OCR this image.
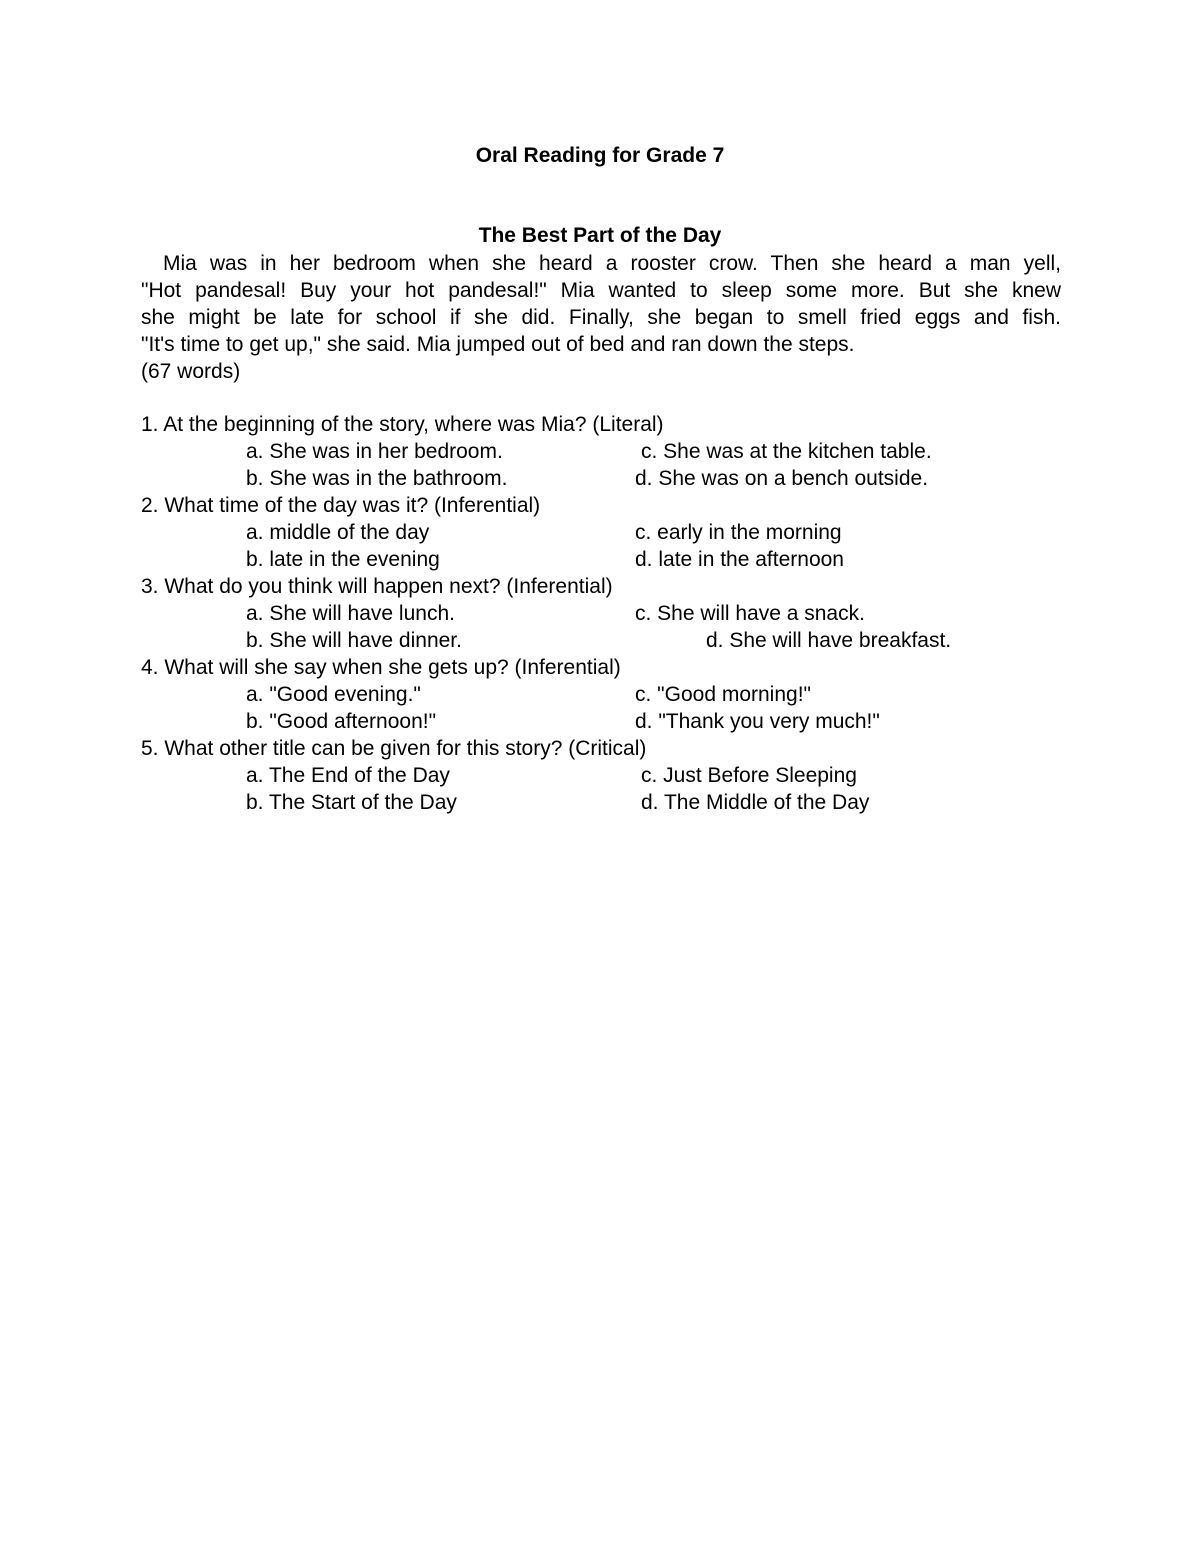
Oral Reading for Grade 7
The Best Part of the Day
Mia was in her bedroom when she heard a rooster crow. Then she heard a man yell,
"Hot pandesal! Buy your hot pandesal!" Mia wanted to sleep some more. But she knew
she might be late for school if she did. Finally, she began to smell fried eggs and fish.
"It's time to get up," she said. Mia jumped out of bed and ran down the steps.
(67 words)
1. At the beginning of the story, where was Mia? (Literal)
a. She was in her bedroom.	c. She was at the kitchen table.
b. She was in the bathroom.	d. She was on a bench outside.
2. What time of the day was it? (Inferential)
a. middle of the day	c. early in the morning
b. late in the evening	d. late in the afternoon
3. What do you think will happen next? (Inferential)
a. She will have lunch.	c. She will have a snack.
b. She will have dinner.	d. She will have breakfast.
4. What will she say when she gets up? (Inferential)
a. "Good evening."	c. "Good morning!"
b. "Good afternoon!"	d. "Thank you very much!"
5. What other title can be given for this story? (Critical)
a. The End of the Day	c. Just Before Sleeping
b. The Start of the Day	d. The Middle of the Day
